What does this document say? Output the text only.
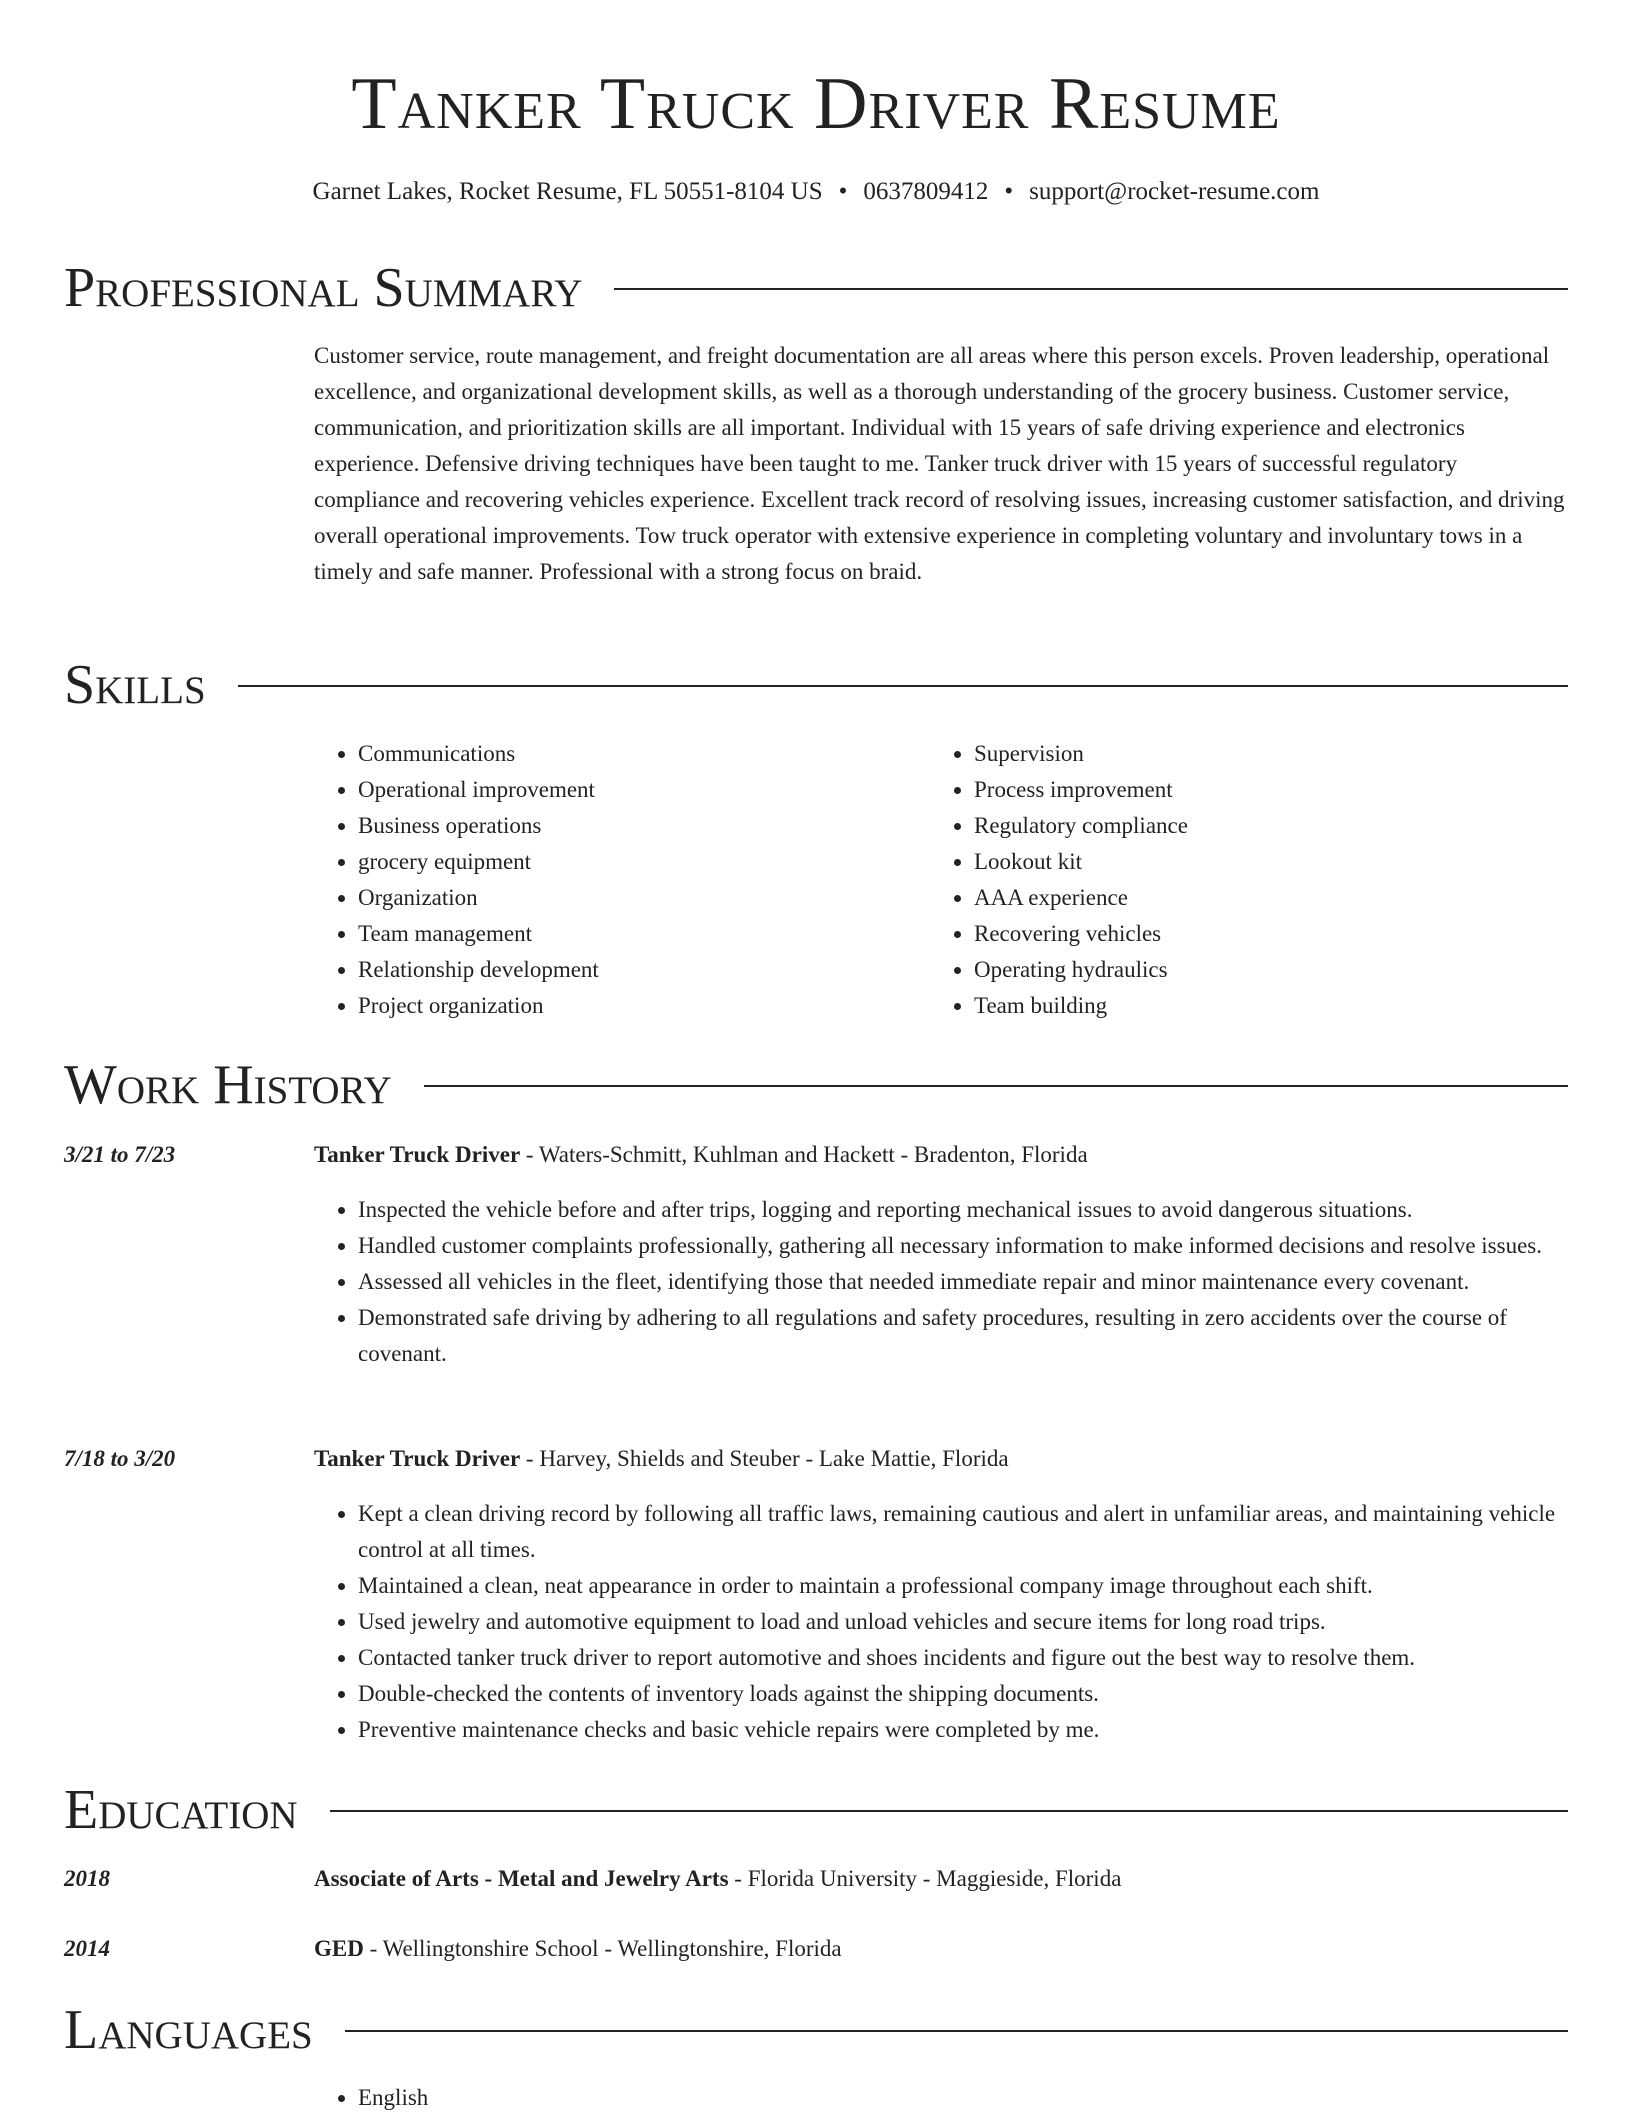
Tanker Truck Driver Resume
Garnet Lakes, Rocket Resume, FL 50551-8104 US • 0637809412 • support@rocket-resume.com
Professional Summary
Customer service, route management, and freight documentation are all areas where this person excels. Proven leadership, operational excellence, and organizational development skills, as well as a thorough understanding of the grocery business. Customer service, communication, and prioritization skills are all important. Individual with 15 years of safe driving experience and electronics experience. Defensive driving techniques have been taught to me. Tanker truck driver with 15 years of successful regulatory compliance and recovering vehicles experience. Excellent track record of resolving issues, increasing customer satisfaction, and driving overall operational improvements. Tow truck operator with extensive experience in completing voluntary and involuntary tows in a timely and safe manner. Professional with a strong focus on braid.
Skills
• Communications
• Operational improvement
• Business operations
• grocery equipment
• Organization
• Team management
• Relationship development
• Project organization
• Supervision
• Process improvement
• Regulatory compliance
• Lookout kit
• AAA experience
• Recovering vehicles
• Operating hydraulics
• Team building
Work History
3/21 to 7/23	Tanker Truck Driver - Waters-Schmitt, Kuhlman and Hackett - Bradenton, Florida
• Inspected the vehicle before and after trips, logging and reporting mechanical issues to avoid dangerous situations.
• Handled customer complaints professionally, gathering all necessary information to make informed decisions and resolve issues.
• Assessed all vehicles in the fleet, identifying those that needed immediate repair and minor maintenance every covenant.
• Demonstrated safe driving by adhering to all regulations and safety procedures, resulting in zero accidents over the course of covenant.
7/18 to 3/20	Tanker Truck Driver - Harvey, Shields and Steuber - Lake Mattie, Florida
• Kept a clean driving record by following all traffic laws, remaining cautious and alert in unfamiliar areas, and maintaining vehicle control at all times.
• Maintained a clean, neat appearance in order to maintain a professional company image throughout each shift.
• Used jewelry and automotive equipment to load and unload vehicles and secure items for long road trips.
• Contacted tanker truck driver to report automotive and shoes incidents and figure out the best way to resolve them.
• Double-checked the contents of inventory loads against the shipping documents.
• Preventive maintenance checks and basic vehicle repairs were completed by me.
Education
2018	Associate of Arts - Metal and Jewelry Arts - Florida University - Maggieside, Florida
2014	GED - Wellingtonshire School - Wellingtonshire, Florida
Languages
• English
